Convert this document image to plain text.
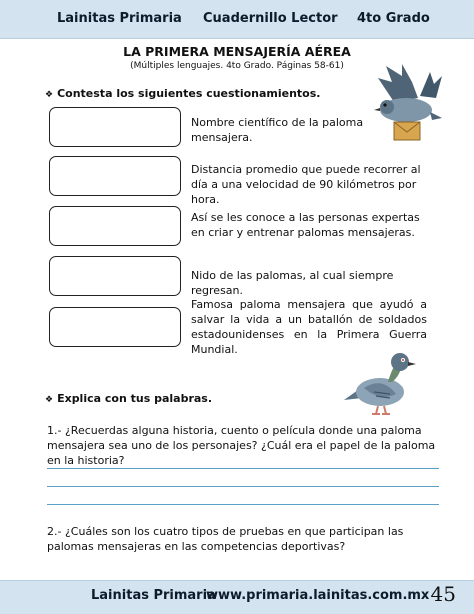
Lainitas Primaria Cuadernillo Lector 4to Grado
LA PRIMERA MENSAJERÍA AÉREA
(Múltiples lenguajes. 4to Grado. Páginas 58-61)
❖ Contesta los siguientes cuestionamientos.
Nombre científico de la paloma mensajera.
Distancia promedio que puede recorrer al día a una velocidad de 90 kilómetros por hora.
Así se les conoce a las personas expertas en criar y entrenar palomas mensajeras.
Nido de las palomas, al cual siempre regresan.
Famosa paloma mensajera que ayudó a salvar la vida a un batallón de soldados estadounidenses en la Primera Guerra Mundial.
❖ Explica con tus palabras.
1.- ¿Recuerdas alguna historia, cuento o película donde una paloma mensajera sea uno de los personajes? ¿Cuál era el papel de la paloma en la historia?
2.- ¿Cuáles son los cuatro tipos de pruebas en que participan las palomas mensajeras en las competencias deportivas?
Lainitas Primaria
www.primaria.lainitas.com.mx 45
